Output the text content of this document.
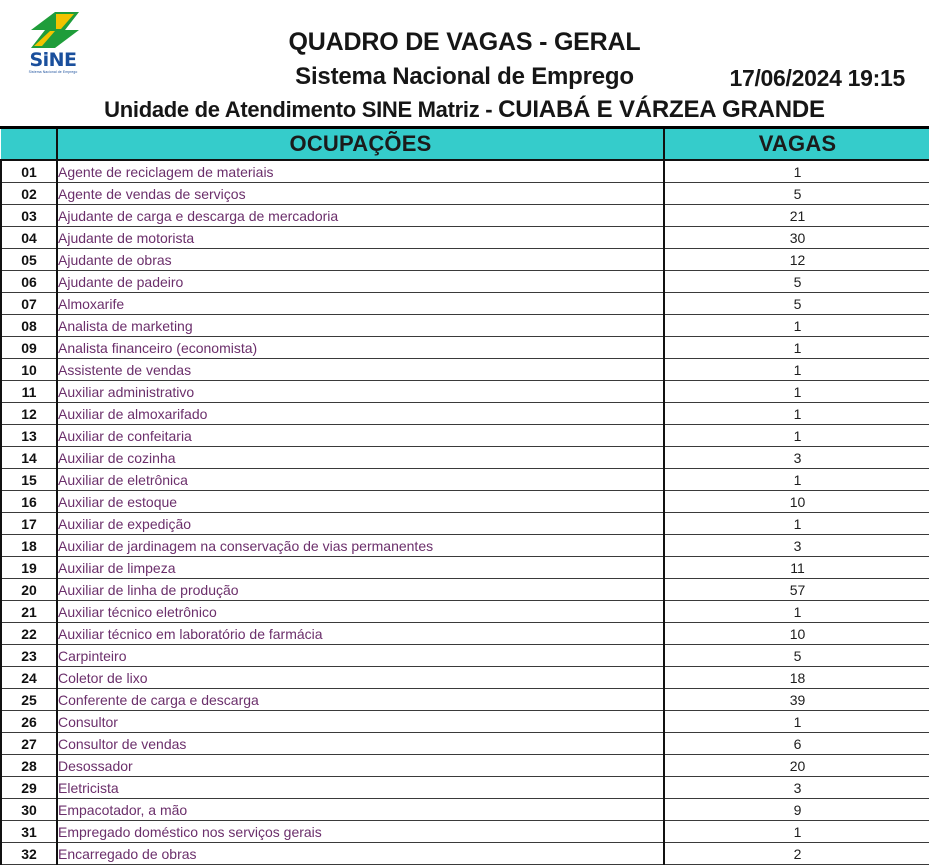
SiNE
Sistema Nacional de Emprego
QUADRO DE VAGAS - GERAL
Sistema Nacional de Emprego
Unidade de Atendimento SINE Matriz - CUIABÁ E VÁRZEA GRANDE
17/06/2024 19:15
	OCUPAÇÕES	VAGAS
01	Agente de reciclagem de materiais	1
02	Agente de vendas de serviços	5
03	Ajudante de carga e descarga de mercadoria	21
04	Ajudante de motorista	30
05	Ajudante de obras	12
06	Ajudante de padeiro	5
07	Almoxarife	5
08	Analista de marketing	1
09	Analista financeiro (economista)	1
10	Assistente de vendas	1
11	Auxiliar administrativo	1
12	Auxiliar de almoxarifado	1
13	Auxiliar de confeitaria	1
14	Auxiliar de cozinha	3
15	Auxiliar de eletrônica	1
16	Auxiliar de estoque	10
17	Auxiliar de expedição	1
18	Auxiliar de jardinagem na conservação de vias permanentes	3
19	Auxiliar de limpeza	11
20	Auxiliar de linha de produção	57
21	Auxiliar técnico eletrônico	1
22	Auxiliar técnico em laboratório de farmácia	10
23	Carpinteiro	5
24	Coletor de lixo	18
25	Conferente de carga e descarga	39
26	Consultor	1
27	Consultor de vendas	6
28	Desossador	20
29	Eletricista	3
30	Empacotador, a mão	9
31	Empregado doméstico nos serviços gerais	1
32	Encarregado de obras	2
